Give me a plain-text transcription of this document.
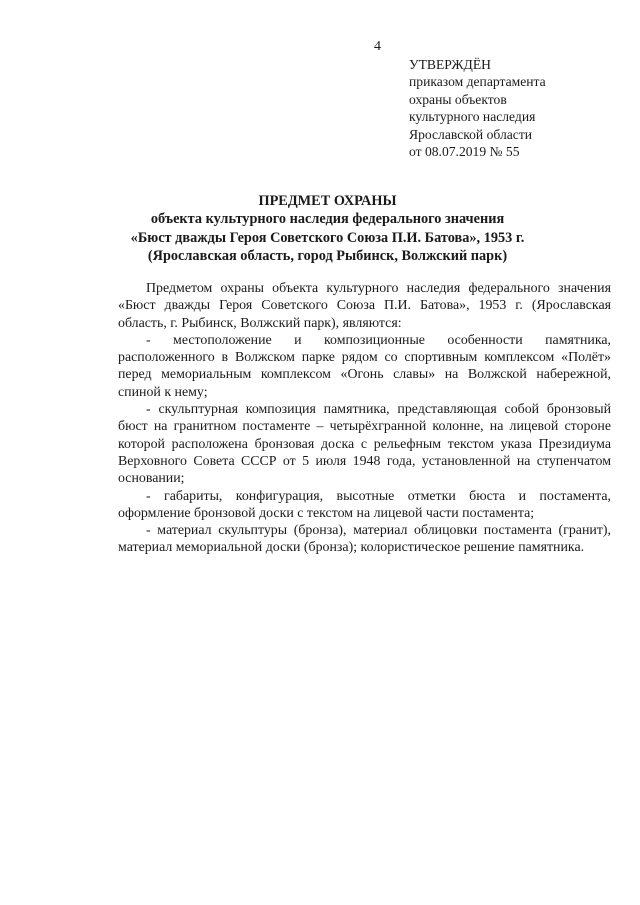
4
УТВЕРЖДЁН
приказом департамента
охраны объектов
культурного наследия
Ярославской области
от 08.07.2019 № 55
ПРЕДМЕТ ОХРАНЫ
объекта культурного наследия федерального значения
«Бюст дважды Героя Советского Союза П.И. Батова», 1953 г.
(Ярославская область, город Рыбинск, Волжский парк)

Предметом охраны объекта культурного наследия федерального значения «Бюст дважды Героя Советского Союза П.И. Батова», 1953 г. (Ярославская область, г. Рыбинск, Волжский парк), являются:

- местоположение и композиционные особенности памятника, расположенного в Волжском парке рядом со спортивным комплексом «Полёт» перед мемориальным комплексом «Огонь славы» на Волжской набережной, спиной к нему;

- скульптурная композиция памятника, представляющая собой бронзовый бюст на гранитном постаменте – четырёхгранной колонне, на лицевой стороне которой расположена бронзовая доска с рельефным текстом указа Президиума Верховного Совета СССР от 5 июля 1948 года, установленной на ступенчатом основании;

- габариты, конфигурация, высотные отметки бюста и постамента, оформление бронзовой доски с текстом на лицевой части постамента;

- материал скульптуры (бронза), материал облицовки постамента (гранит), материал мемориальной доски (бронза); колористическое решение памятника.
